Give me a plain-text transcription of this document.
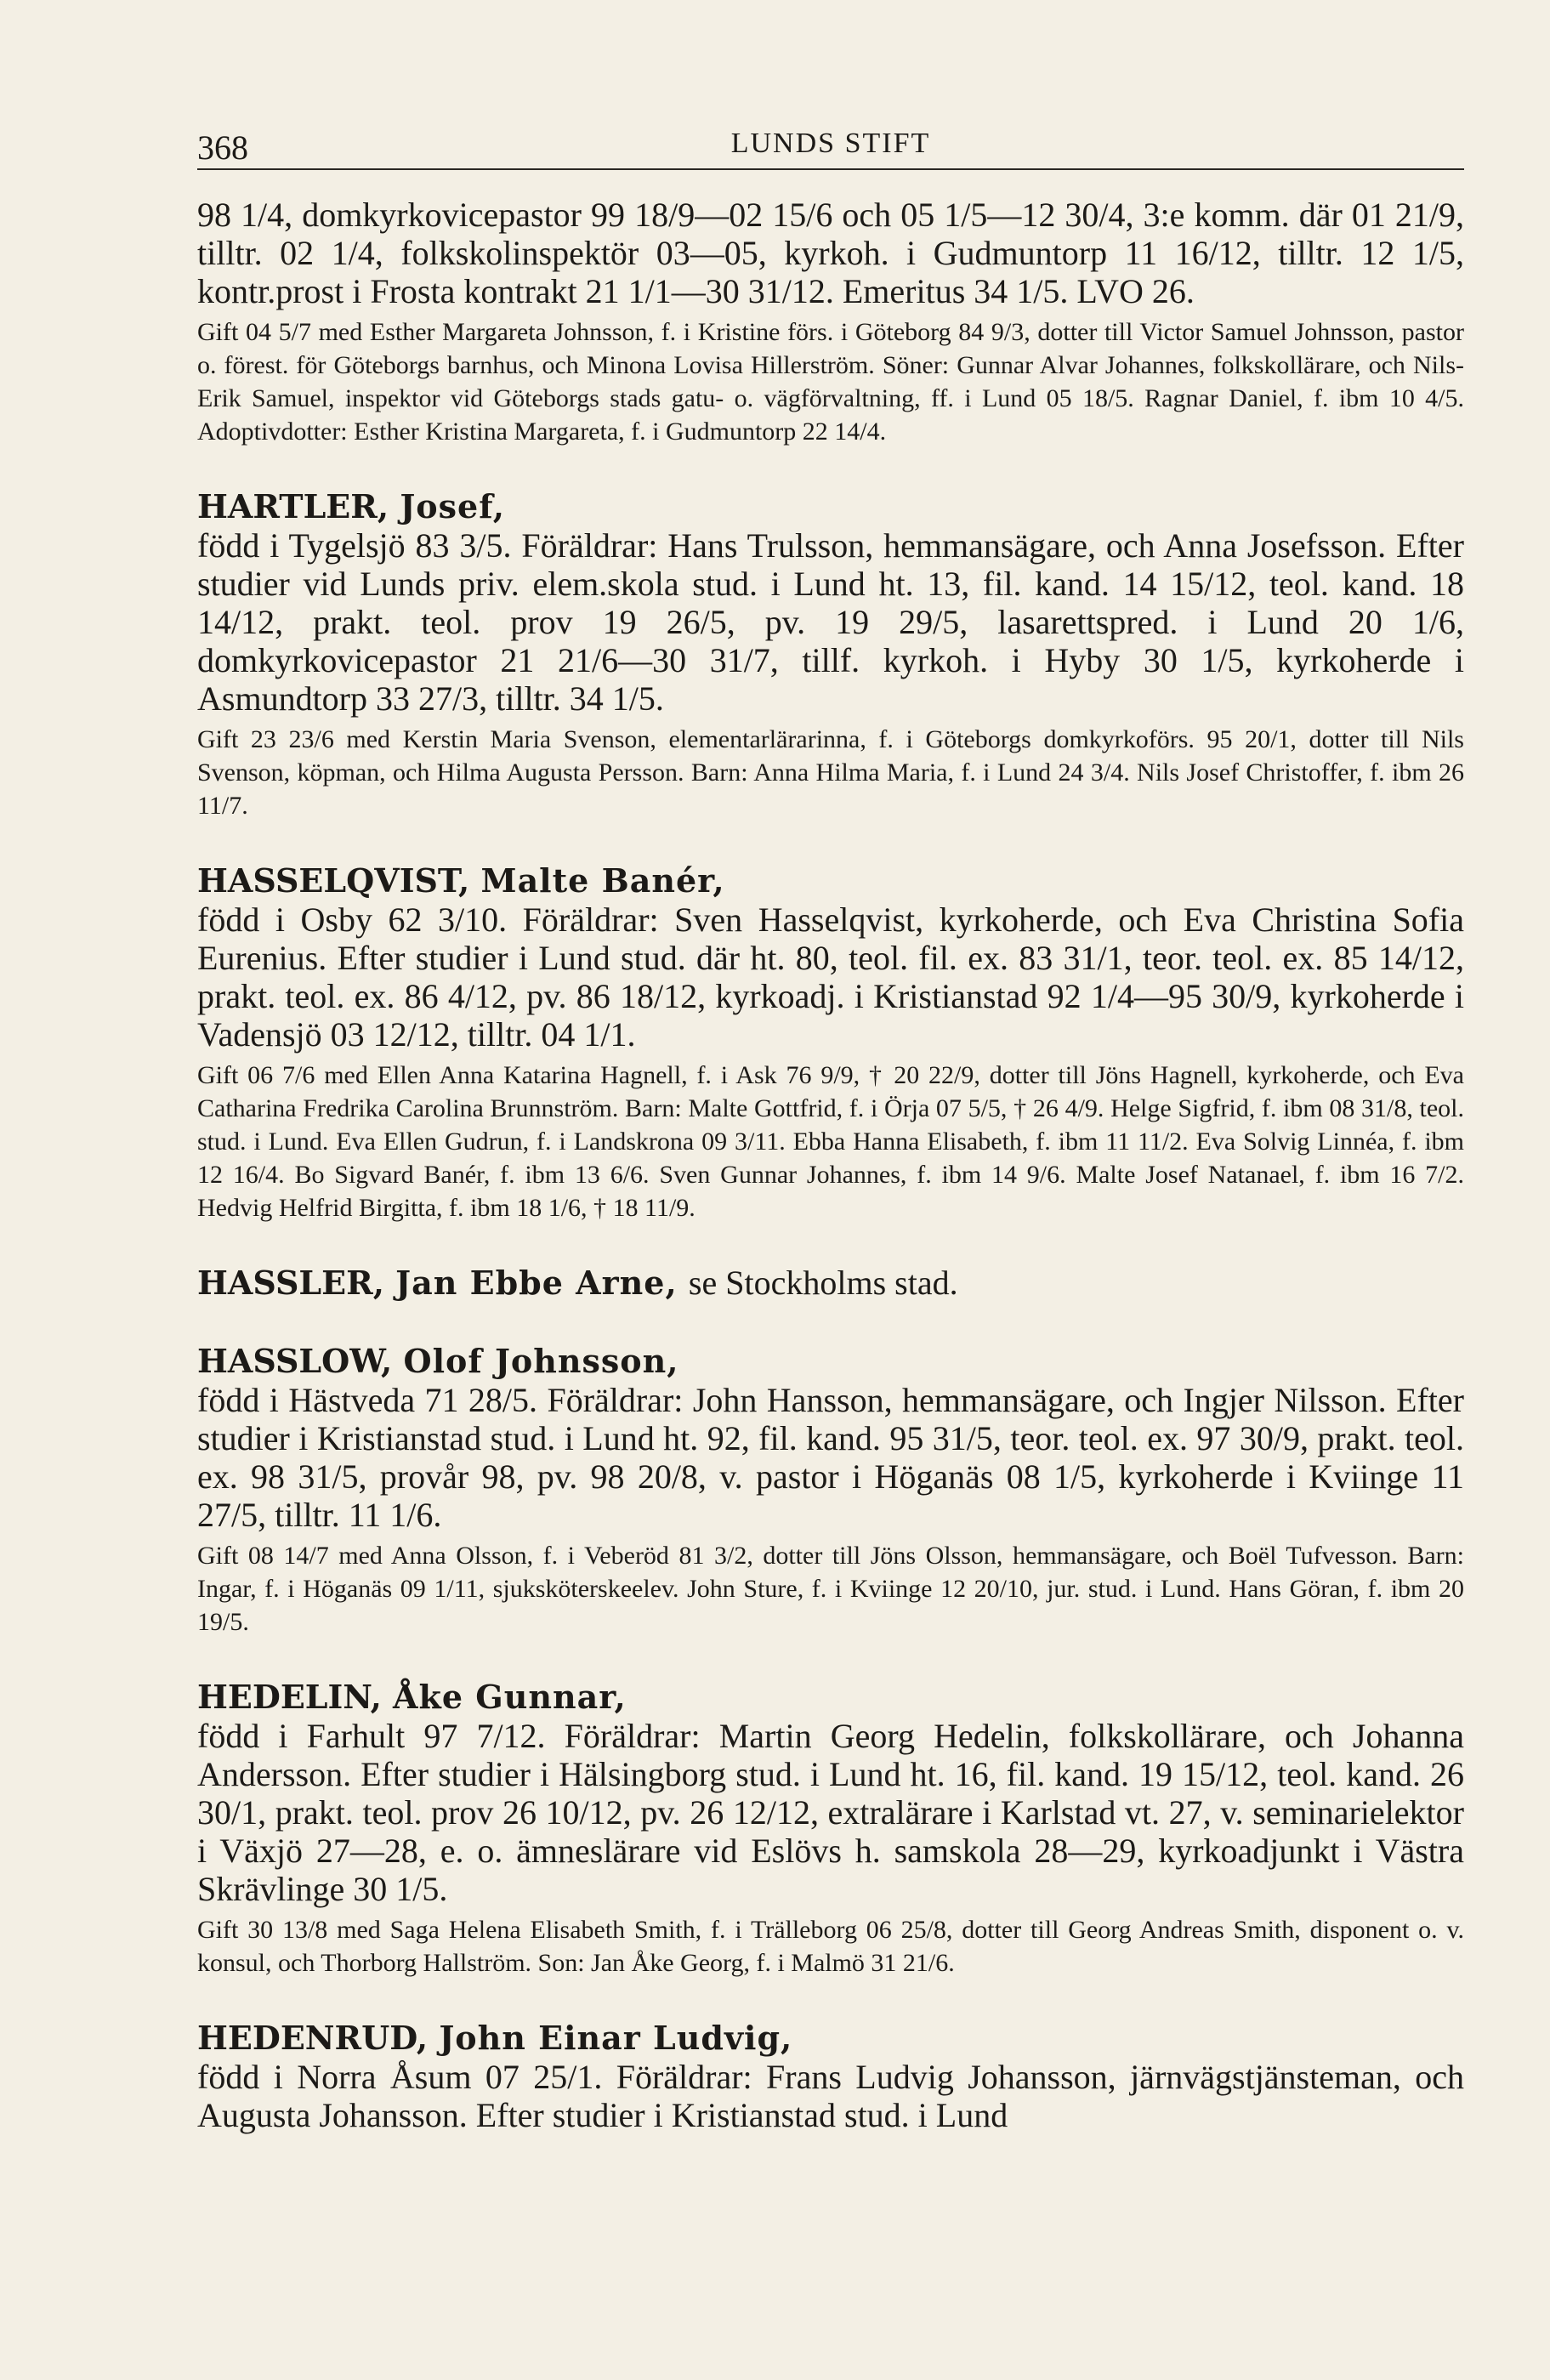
368	LUNDS STIFT

98 1/4, domkyrkovicepastor 99 18/9—02 15/6 och 05 1/5—12 30/4, 3:e komm. där 01 21/9, tilltr. 02 1/4, folkskolinspektör 03—05, kyrkoh. i Gudmuntorp 11 16/12, tilltr. 12 1/5, kontr.prost i Frosta kontrakt 21 1/1—30 31/12. Emeritus 34 1/5. LVO 26.

Gift 04 5/7 med Esther Margareta Johnsson, f. i Kristine förs. i Göteborg 84 9/3, dotter till Victor Samuel Johnsson, pastor o. förest. för Göteborgs barnhus, och Minona Lovisa Hillerström. Söner: Gunnar Alvar Johannes, folkskollärare, och Nils-Erik Samuel, inspektor vid Göteborgs stads gatu- o. vägförvaltning, ff. i Lund 05 18/5. Ragnar Daniel, f. ibm 10 4/5. Adoptivdotter: Esther Kristina Margareta, f. i Gudmuntorp 22 14/4.

HARTLER, Josef,

född i Tygelsjö 83 3/5. Föräldrar: Hans Trulsson, hemmansägare, och Anna Josefsson. Efter studier vid Lunds priv. elem.skola stud. i Lund ht. 13, fil. kand. 14 15/12, teol. kand. 18 14/12, prakt. teol. prov 19 26/5, pv. 19 29/5, lasarettspred. i Lund 20 1/6, domkyrkovicepastor 21 21/6—30 31/7, tillf. kyrkoh. i Hyby 30 1/5, kyrkoherde i Asmundtorp 33 27/3, tilltr. 34 1/5.

Gift 23 23/6 med Kerstin Maria Svenson, elementarlärarinna, f. i Göteborgs domkyrkoförs. 95 20/1, dotter till Nils Svenson, köpman, och Hilma Augusta Persson. Barn: Anna Hilma Maria, f. i Lund 24 3/4. Nils Josef Christoffer, f. ibm 26 11/7.

HASSELQVIST, Malte Banér,

född i Osby 62 3/10. Föräldrar: Sven Hasselqvist, kyrkoherde, och Eva Christina Sofia Eurenius. Efter studier i Lund stud. där ht. 80, teol. fil. ex. 83 31/1, teor. teol. ex. 85 14/12, prakt. teol. ex. 86 4/12, pv. 86 18/12, kyrkoadj. i Kristianstad 92 1/4—95 30/9, kyrkoherde i Vadensjö 03 12/12, tilltr. 04 1/1.

Gift 06 7/6 med Ellen Anna Katarina Hagnell, f. i Ask 76 9/9, † 20 22/9, dotter till Jöns Hagnell, kyrkoherde, och Eva Catharina Fredrika Carolina Brunnström. Barn: Malte Gottfrid, f. i Örja 07 5/5, † 26 4/9. Helge Sigfrid, f. ibm 08 31/8, teol. stud. i Lund. Eva Ellen Gudrun, f. i Landskrona 09 3/11. Ebba Hanna Elisabeth, f. ibm 11 11/2. Eva Solvig Linnéa, f. ibm 12 16/4. Bo Sigvard Banér, f. ibm 13 6/6. Sven Gunnar Johannes, f. ibm 14 9/6. Malte Josef Natanael, f. ibm 16 7/2. Hedvig Helfrid Birgitta, f. ibm 18 1/6, † 18 11/9.

HASSLER, Jan Ebbe Arne, se Stockholms stad.

HASSLOW, Olof Johnsson,

född i Hästveda 71 28/5. Föräldrar: John Hansson, hemmansägare, och Ingjer Nilsson. Efter studier i Kristianstad stud. i Lund ht. 92, fil. kand. 95 31/5, teor. teol. ex. 97 30/9, prakt. teol. ex. 98 31/5, provår 98, pv. 98 20/8, v. pastor i Höganäs 08 1/5, kyrkoherde i Kviinge 11 27/5, tilltr. 11 1/6.

Gift 08 14/7 med Anna Olsson, f. i Veberöd 81 3/2, dotter till Jöns Olsson, hemmansägare, och Boël Tufvesson. Barn: Ingar, f. i Höganäs 09 1/11, sjuksköterskeelev. John Sture, f. i Kviinge 12 20/10, jur. stud. i Lund. Hans Göran, f. ibm 20 19/5.

HEDELIN, Åke Gunnar,

född i Farhult 97 7/12. Föräldrar: Martin Georg Hedelin, folkskollärare, och Johanna Andersson. Efter studier i Hälsingborg stud. i Lund ht. 16, fil. kand. 19 15/12, teol. kand. 26 30/1, prakt. teol. prov 26 10/12, pv. 26 12/12, extralärare i Karlstad vt. 27, v. seminarielektor i Växjö 27—28, e. o. ämneslärare vid Eslövs h. samskola 28—29, kyrkoadjunkt i Västra Skrävlinge 30 1/5.

Gift 30 13/8 med Saga Helena Elisabeth Smith, f. i Trälleborg 06 25/8, dotter till Georg Andreas Smith, disponent o. v. konsul, och Thorborg Hallström. Son: Jan Åke Georg, f. i Malmö 31 21/6.

HEDENRUD, John Einar Ludvig,

född i Norra Åsum 07 25/1. Föräldrar: Frans Ludvig Johansson, järnvägstjänsteman, och Augusta Johansson. Efter studier i Kristianstad stud. i Lund
